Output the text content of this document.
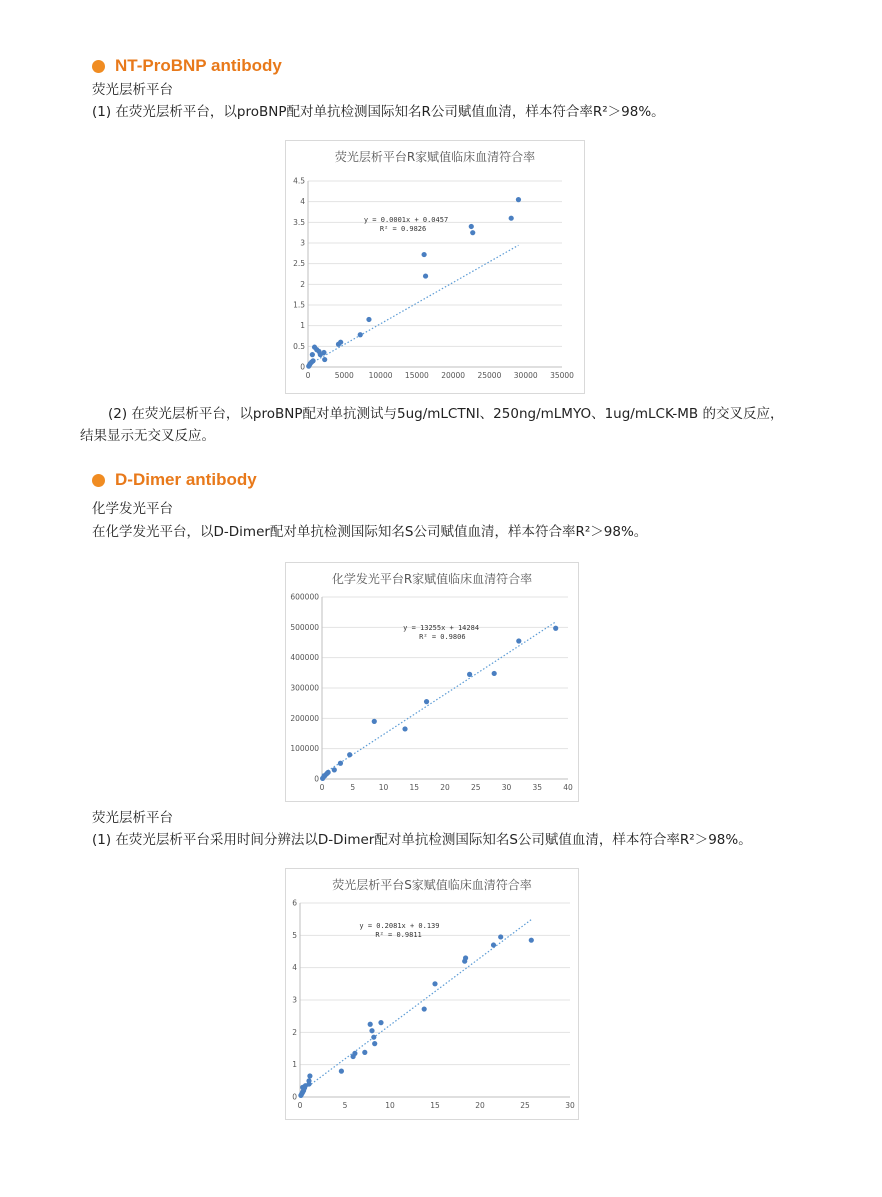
NT-ProBNP antibody
荧光层析平台
(1) 在荧光层析平台，以proBNP配对单抗检测国际知名R公司赋值血清，样本符合率R²＞98%。
荧光层析平台R家赋值临床血清符合率
0
0.5
1
1.5
2
2.5
3
3.5
4
4.5
0	5000 10000 15000 20000 25000 30000 35000
y = 0.0001x + 0.0457
R² = 0.9826
(2) 在荧光层析平台，以proBNP配对单抗测试与5ug/mLCTNI、250ng/mLMYO、1ug/mLCK-MB 的交叉反应，
结果显示无交叉反应。
D-Dimer antibody
化学发光平台
在化学发光平台，以D-Dimer配对单抗检测国际知名S公司赋值血清，样本符合率R²＞98%。
化学发光平台R家赋值临床血清符合率
0
100000
200000
300000
400000
500000
600000
0	5	10	15	20	25	30	35	40
y = 13255x + 14284
R² = 0.9806
荧光层析平台
(1) 在荧光层析平台采用时间分辨法以D-Dimer配对单抗检测国际知名S公司赋值血清，样本符合率R²＞98%。
荧光层析平台S家赋值临床血清符合率
0
1
2
3
4
5
6
0	5	10	15	20	25	30
y = 0.2081x + 0.139
R² = 0.9811
